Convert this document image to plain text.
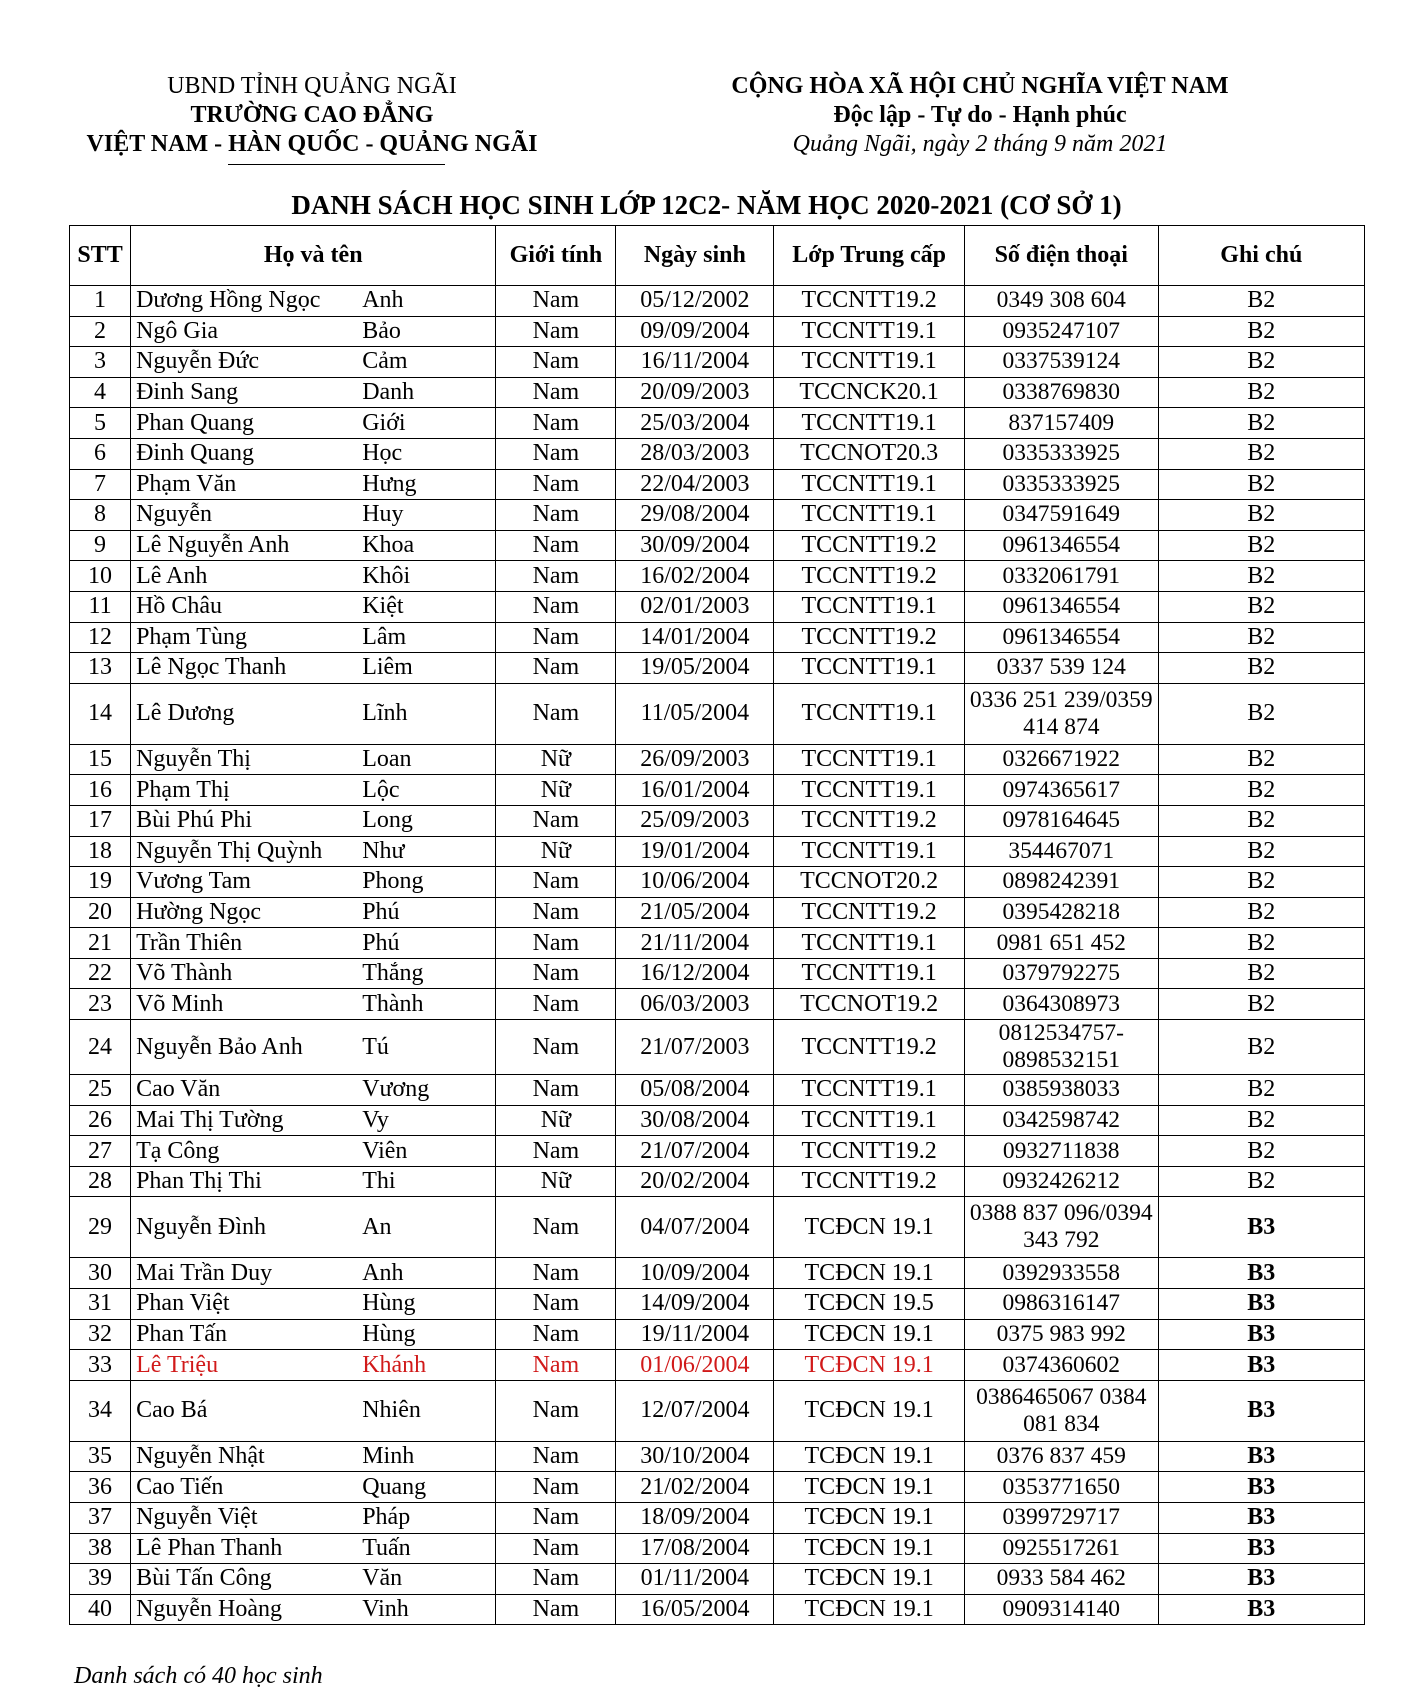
UBND TỈNH QUẢNG NGÃI
TRƯỜNG CAO ĐẲNG
VIỆT NAM - HÀN QUỐC - QUẢNG NGÃI
CỘNG HÒA XÃ HỘI CHỦ NGHĨA VIỆT NAM
Độc lập - Tự do - Hạnh phúc
Quảng Ngãi, ngày 2 tháng 9 năm 2021
DANH SÁCH HỌC SINH LỚP 12C2- NĂM HỌC 2020-2021 (CƠ SỞ 1)
STT	Họ và tên		Giới tính	Ngày sinh	Lớp Trung cấp	Số điện thoại	Ghi chú
1	Dương Hồng Ngọc	Anh	Nam	05/12/2002	TCCNTT19.2	0349 308 604	B2
2	Ngô Gia	Bảo	Nam	09/09/2004	TCCNTT19.1	0935247107	B2
3	Nguyễn Đức	Cảm	Nam	16/11/2004	TCCNTT19.1	0337539124	B2
4	Đinh Sang	Danh	Nam	20/09/2003	TCCNCK20.1	0338769830	B2
5	Phan Quang	Giới	Nam	25/03/2004	TCCNTT19.1	837157409	B2
6	Đinh Quang	Học	Nam	28/03/2003	TCCNOT20.3	0335333925	B2
7	Phạm Văn	Hưng	Nam	22/04/2003	TCCNTT19.1	0335333925	B2
8	Nguyễn	Huy	Nam	29/08/2004	TCCNTT19.1	0347591649	B2
9	Lê Nguyễn Anh	Khoa	Nam	30/09/2004	TCCNTT19.2	0961346554	B2
10	Lê Anh	Khôi	Nam	16/02/2004	TCCNTT19.2	0332061791	B2
11	Hồ Châu	Kiệt	Nam	02/01/2003	TCCNTT19.1	0961346554	B2
12	Phạm Tùng	Lâm	Nam	14/01/2004	TCCNTT19.2	0961346554	B2
13	Lê Ngọc Thanh	Liêm	Nam	19/05/2004	TCCNTT19.1	0337 539 124	B2
14	Lê Dương	Lĩnh	Nam	11/05/2004	TCCNTT19.1	0336 251 239/0359 414 874	B2
15	Nguyễn Thị	Loan	Nữ	26/09/2003	TCCNTT19.1	0326671922	B2
16	Phạm Thị	Lộc	Nữ	16/01/2004	TCCNTT19.1	0974365617	B2
17	Bùi Phú Phi	Long	Nam	25/09/2003	TCCNTT19.2	0978164645	B2
18	Nguyễn Thị Quỳnh	Như	Nữ	19/01/2004	TCCNTT19.1	354467071	B2
19	Vương Tam	Phong	Nam	10/06/2004	TCCNOT20.2	0898242391	B2
20	Hường Ngọc	Phú	Nam	21/05/2004	TCCNTT19.2	0395428218	B2
21	Trần Thiên	Phú	Nam	21/11/2004	TCCNTT19.1	0981 651 452	B2
22	Võ Thành	Thắng	Nam	16/12/2004	TCCNTT19.1	0379792275	B2
23	Võ Minh	Thành	Nam	06/03/2003	TCCNOT19.2	0364308973	B2
24	Nguyễn Bảo Anh	Tú	Nam	21/07/2003	TCCNTT19.2	0812534757-0898532151	B2
25	Cao Văn	Vương	Nam	05/08/2004	TCCNTT19.1	0385938033	B2
26	Mai Thị Tường	Vy	Nữ	30/08/2004	TCCNTT19.1	0342598742	B2
27	Tạ Công	Viên	Nam	21/07/2004	TCCNTT19.2	0932711838	B2
28	Phan Thị Thi	Thi	Nữ	20/02/2004	TCCNTT19.2	0932426212	B2
29	Nguyễn Đình	An	Nam	04/07/2004	TCĐCN 19.1	0388 837 096/0394 343 792	B3
30	Mai Trần Duy	Anh	Nam	10/09/2004	TCĐCN 19.1	0392933558	B3
31	Phan Việt	Hùng	Nam	14/09/2004	TCĐCN 19.5	0986316147	B3
32	Phan Tấn	Hùng	Nam	19/11/2004	TCĐCN 19.1	0375 983 992	B3
33	Lê Triệu	Khánh	Nam	01/06/2004	TCĐCN 19.1	0374360602	B3
34	Cao Bá	Nhiên	Nam	12/07/2004	TCĐCN 19.1	0386465067 0384 081 834	B3
35	Nguyễn Nhật	Minh	Nam	30/10/2004	TCĐCN 19.1	0376 837 459	B3
36	Cao Tiến	Quang	Nam	21/02/2004	TCĐCN 19.1	0353771650	B3
37	Nguyễn Việt	Pháp	Nam	18/09/2004	TCĐCN 19.1	0399729717	B3
38	Lê Phan Thanh	Tuấn	Nam	17/08/2004	TCĐCN 19.1	0925517261	B3
39	Bùi Tấn Công	Văn	Nam	01/11/2004	TCĐCN 19.1	0933 584 462	B3
40	Nguyễn Hoàng	Vinh	Nam	16/05/2004	TCĐCN 19.1	0909314140	B3
Danh sách có 40 học sinh
